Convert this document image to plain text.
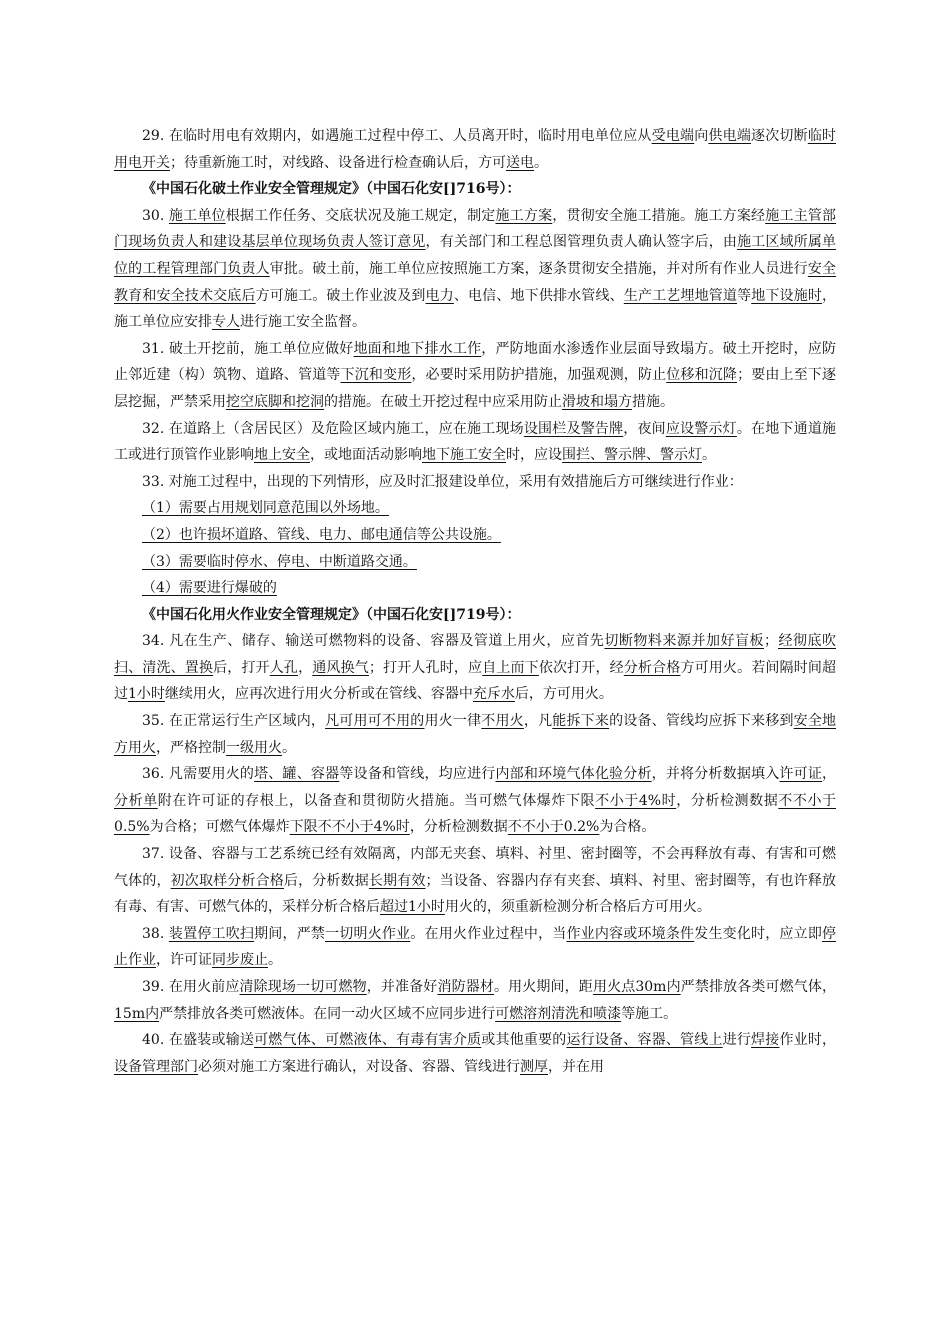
29. 在临时用电有效期内，如遇施工过程中停工、人员离开时，临时用电单位应从受电端向供电端逐次切断临时用电开关；待重新施工时，对线路、设备进行检查确认后，方可送电。

《中国石化破土作业安全管理规定》（中国石化安[]716号）：

30. 施工单位根据工作任务、交底状况及施工规定，制定施工方案，贯彻安全施工措施。施工方案经施工主管部门现场负责人和建设基层单位现场负责人签订意见，有关部门和工程总图管理负责人确认签字后，由施工区域所属单位的工程管理部门负责人审批。破土前，施工单位应按照施工方案，逐条贯彻安全措施，并对所有作业人员进行安全教育和安全技术交底后方可施工。破土作业波及到电力、电信、地下供排水管线、生产工艺埋地管道等地下设施时，施工单位应安排专人进行施工安全监督。

31. 破土开挖前，施工单位应做好地面和地下排水工作，严防地面水渗透作业层面导致塌方。破土开挖时，应防止邻近建（构）筑物、道路、管道等下沉和变形，必要时采用防护措施，加强观测，防止位移和沉降；要由上至下逐层挖掘，严禁采用挖空底脚和挖洞的措施。在破土开挖过程中应采用防止滑坡和塌方措施。

32. 在道路上（含居民区）及危险区域内施工，应在施工现场设围栏及警告牌，夜间应设警示灯。在地下通道施工或进行顶管作业影响地上安全，或地面活动影响地下施工安全时，应设围拦、警示牌、警示灯。

33. 对施工过程中，出现的下列情形，应及时汇报建设单位，采用有效措施后方可继续进行作业：

（1）需要占用规划同意范围以外场地。

（2）也许损坏道路、管线、电力、邮电通信等公共设施。

（3）需要临时停水、停电、中断道路交通。

（4）需要进行爆破的

《中国石化用火作业安全管理规定》（中国石化安[]719号）：

34. 凡在生产、储存、输送可燃物料的设备、容器及管道上用火，应首先切断物料来源并加好盲板；经彻底吹扫、清洗、置换后，打开人孔，通风换气；打开人孔时，应自上而下依次打开，经分析合格方可用火。若间隔时间超过1小时继续用火，应再次进行用火分析或在管线、容器中充斥水后，方可用火。

35. 在正常运行生产区域内，凡可用可不用的用火一律不用火，凡能拆下来的设备、管线均应拆下来移到安全地方用火，严格控制一级用火。

36. 凡需要用火的塔、罐、容器等设备和管线，均应进行内部和环境气体化验分析，并将分析数据填入许可证，分析单附在许可证的存根上，以备查和贯彻防火措施。当可燃气体爆炸下限不小于4%时，分析检测数据不不小于0.5%为合格；可燃气体爆炸下限不不小于4%时，分析检测数据不不小于0.2%为合格。

37. 设备、容器与工艺系统已经有效隔离，内部无夹套、填料、衬里、密封圈等，不会再释放有毒、有害和可燃气体的，初次取样分析合格后，分析数据长期有效；当设备、容器内存有夹套、填料、衬里、密封圈等，有也许释放有毒、有害、可燃气体的，采样分析合格后超过1小时用火的，须重新检测分析合格后方可用火。

38. 装置停工吹扫期间，严禁一切明火作业。在用火作业过程中，当作业内容或环境条件发生变化时，应立即停止作业，许可证同步废止。

39. 在用火前应清除现场一切可燃物，并准备好消防器材。用火期间，距用火点30m内严禁排放各类可燃气体，15m内严禁排放各类可燃液体。在同一动火区域不应同步进行可燃溶剂清洗和喷漆等施工。

40. 在盛装或输送可燃气体、可燃液体、有毒有害介质或其他重要的运行设备、容器、管线上进行焊接作业时，设备管理部门必须对施工方案进行确认，对设备、容器、管线进行测厚，并在用
